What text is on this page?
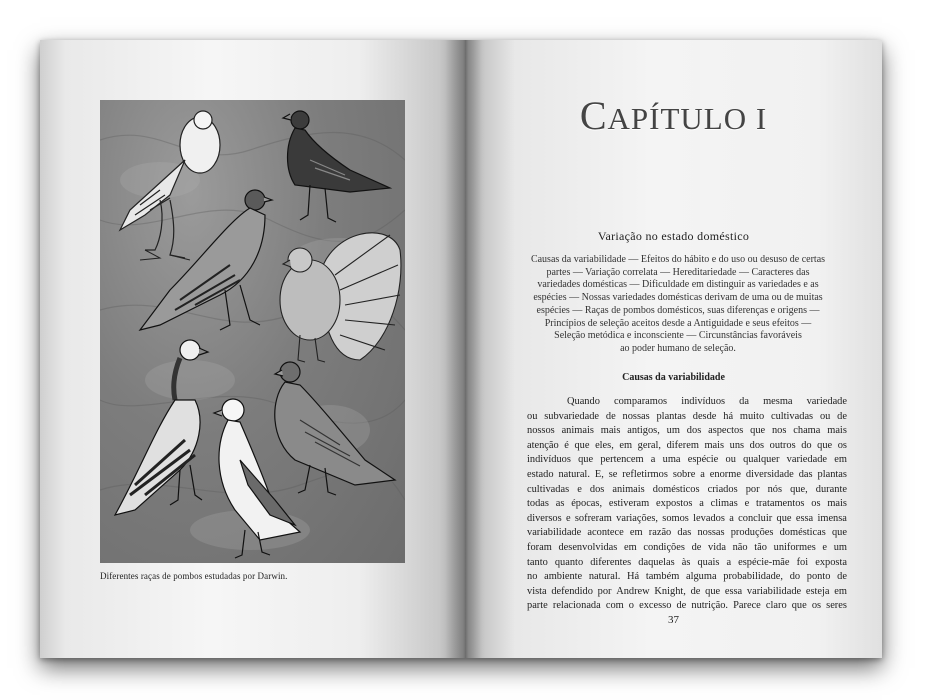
Diferentes raças de pombos estudadas por Darwin.
CAPÍTULO I
Variação no estado doméstico
Causas da variabilidade — Efeitos do hábito e do uso ou desuso de certas
partes — Variação correlata — Hereditariedade — Caracteres das
variedades domésticas — Dificuldade em distinguir as variedades e as
espécies — Nossas variedades domésticas derivam de uma ou de muitas
espécies — Raças de pombos domésticos, suas diferenças e origens —
Princípios de seleção aceitos desde a Antiguidade e seus efeitos —
Seleção metódica e inconsciente — Circunstâncias favoráveis
ao poder humano de seleção.
Causas da variabilidade
Quando comparamos indivíduos da mesma variedade
ou subvariedade de nossas plantas desde há muito cultivadas ou de
nossos animais mais antigos, um dos aspectos que nos chama mais
atenção é que eles, em geral, diferem mais uns dos outros do que os
indivíduos que pertencem a uma espécie ou qualquer variedade em
estado natural. E, se refletirmos sobre a enorme diversidade das plantas
cultivadas e dos animais domésticos criados por nós que, durante
todas as épocas, estiveram expostos a climas e tratamentos os mais
diversos e sofreram variações, somos levados a concluir que essa imensa
variabilidade acontece em razão das nossas produções domésticas que
foram desenvolvidas em condições de vida não tão uniformes e um
tanto quanto diferentes daquelas às quais a espécie-mãe foi exposta
no ambiente natural. Há também alguma probabilidade, do ponto de
vista defendido por Andrew Knight, de que essa variabilidade esteja em
parte relacionada com o excesso de nutrição. Parece claro que os seres
37
